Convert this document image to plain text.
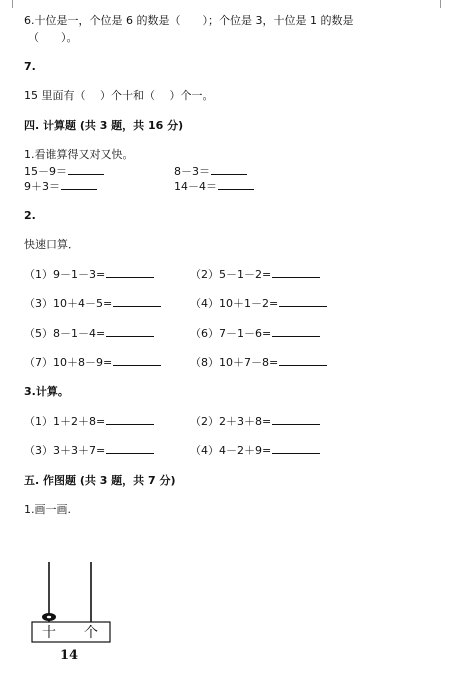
6.十位是一，个位是 6 的数是（　　）；个位是 3，十位是 1 的数是
（　　）。
7.
15 里面有（　 ）个十和（　 ）个一。
四. 计算题 (共 3 题，共 16 分)
1.看谁算得又对又快。
15－9＝	8－3＝
9＋3＝	14－4＝
2.
快速口算．
（1）9－1－3=	（2）5－1－2=
（3）10＋4－5=	（4）10＋1－2=
（5）8－1－4=	（6）7－1－6=
（7）10＋8－9=	（8）10＋7－8=
3.计算。
（1）1＋2＋8=	（2）2＋3＋8=
（3）3＋3＋7=	（4）4－2＋9=
五. 作图题 (共 3 题，共 7 分)
1.画一画.
十 个
14
